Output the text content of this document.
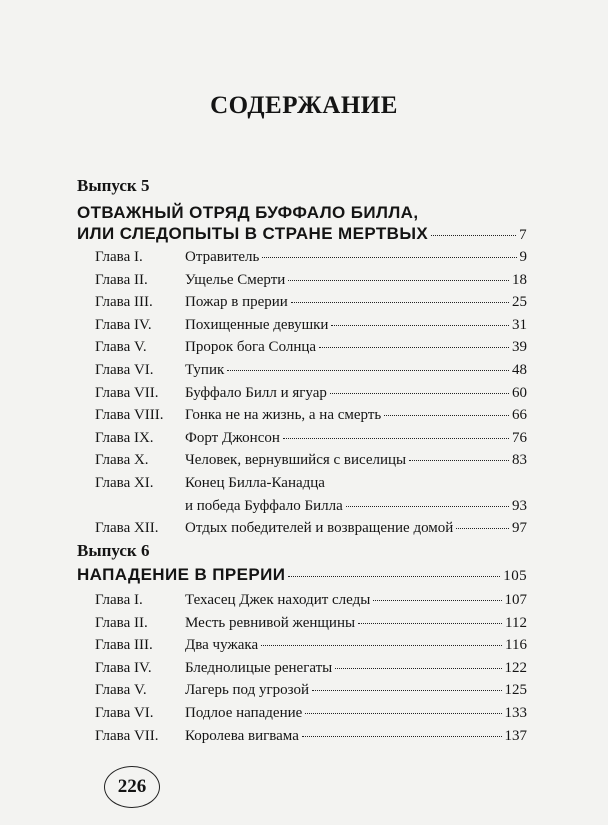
СОДЕРЖАНИЕ
Выпуск 5
ОТВАЖНЫЙ ОТРЯД БУФФАЛО БИЛЛА,
ИЛИ СЛЕДОПЫТЫ В СТРАНЕ МЕРТВЫХ	7
Глава I.	Отравитель	9
Глава II.	Ущелье Смерти	18
Глава III.	Пожар в прерии	25
Глава IV.	Похищенные девушки	31
Глава V.	Пророк бога Солнца	39
Глава VI.	Тупик	48
Глава VII.	Буффало Билл и ягуар	60
Глава VIII.	Гонка не на жизнь, а на смерть	66
Глава IX.	Форт Джонсон	76
Глава X.	Человек, вернувшийся с виселицы	83
Глава XI.	Конец Билла-Канадца
и победа Буффало Билла	93
Глава XII.	Отдых победителей и возвращение домой	97
Выпуск 6
НАПАДЕНИЕ В ПРЕРИИ	105
Глава I.	Техасец Джек находит следы	107
Глава II.	Месть ревнивой женщины	112
Глава III.	Два чужака	116
Глава IV.	Бледнолицые ренегаты	122
Глава V.	Лагерь под угрозой	125
Глава VI.	Подлое нападение	133
Глава VII.	Королева вигвама	137
226
